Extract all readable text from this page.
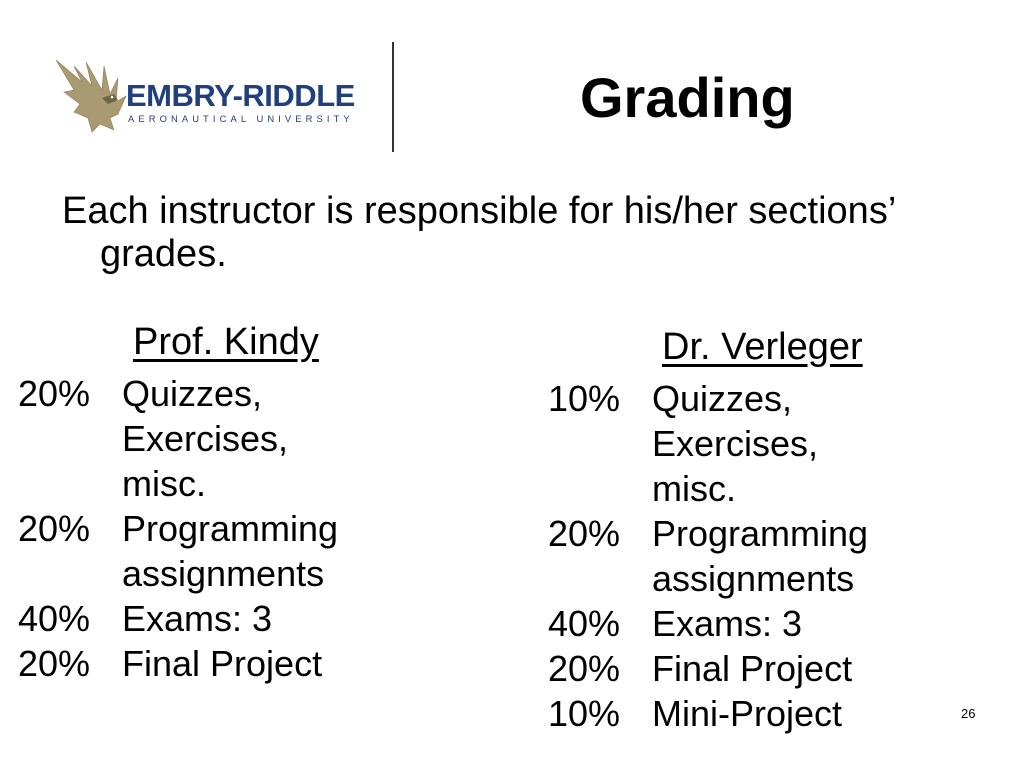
EMBRY-RIDDLE
AERONAUTICAL UNIVERSITY	Grading
Each instructor is responsible for his/her sections’ grades.
Prof. Kindy
20% Quizzes,
Exercises,
misc.
20% Programming
assignments
40% Exams: 3
20% Final Project
Dr. Verleger
10% Quizzes,
Exercises,
misc.
20% Programming
assignments
40% Exams: 3
20% Final Project
10% Mini-Project	26
